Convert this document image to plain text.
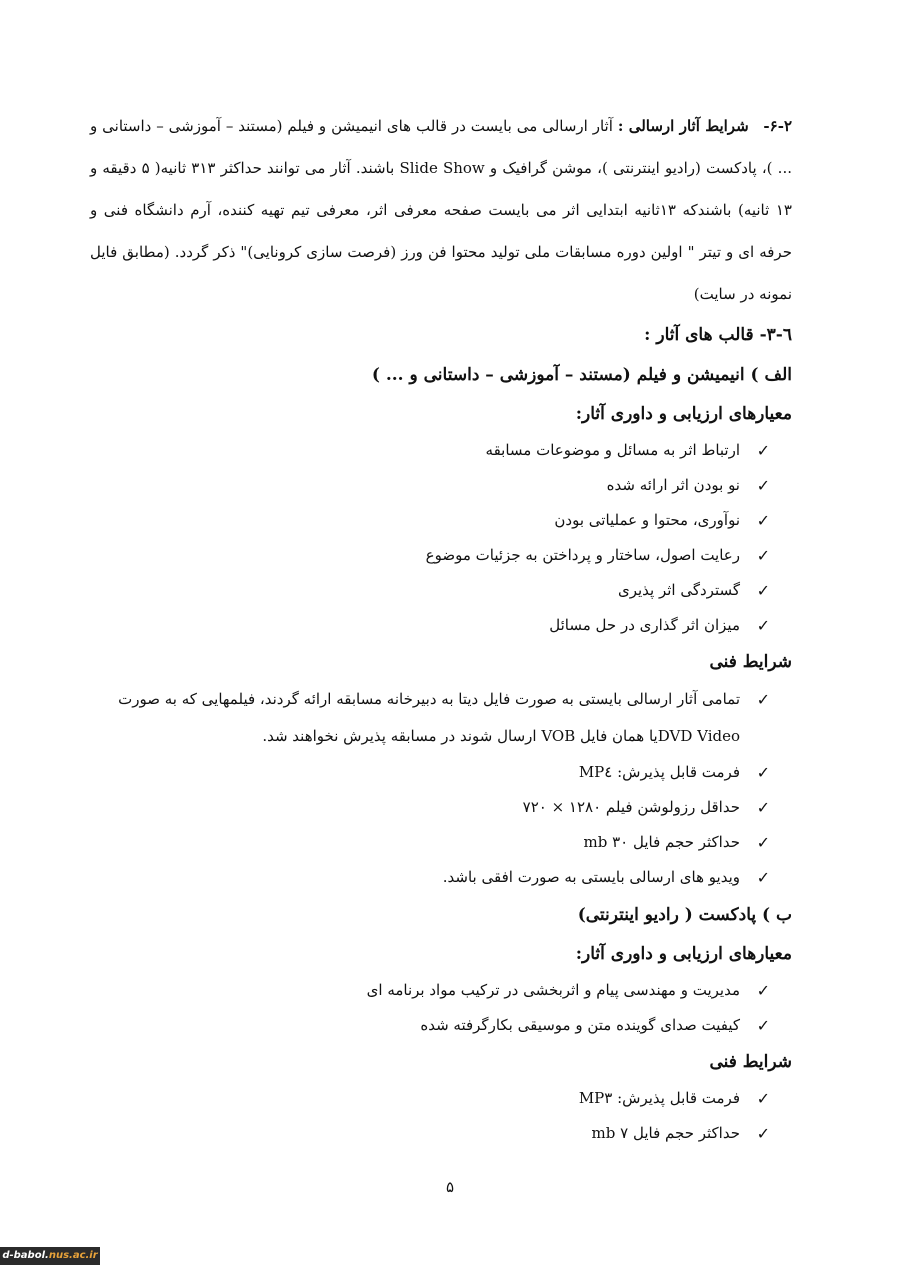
۶-۲-   شرایط آثار ارسالی : آثار ارسالی می بایست در قالب های انیمیشن و فیلم (مستند – آموزشی – داستانی و ... )، پادکست (رادیو اینترنتی )، موشن گرافیک و Slide Show باشند. آثار می توانند حداکثر ۳۱۳ ثانیه( ۵ دقیقه و ۱۳ ثانیه) باشندکه ۱۳ثانیه ابتدایی اثر می بایست صفحه معرفی اثر، معرفی تیم تهیه کننده، آرم دانشگاه فنی و حرفه ای و تیتر " اولین دوره مسابقات ملی تولید محتوا فن ورز (فرصت سازی کرونایی)" ذکر گردد. (مطابق فایل نمونه در سایت)

٦-٣- قالب های آثار :

الف ) انیمیشن و فیلم (مستند – آموزشی – داستانی و ... )

معیارهای ارزیابی و داوری آثار:

✓
ارتباط اثر به مسائل و موضوعات مسابقه
✓
نو بودن اثر ارائه شده
✓
نوآوری، محتوا و عملیاتی بودن
✓
رعایت اصول، ساختار و پرداختن به جزئیات موضوع
✓
گستردگی اثر پذیری
✓
میزان اثر گذاری در حل مسائل

شرایط فنی

✓
تمامی آثار ارسالی بایستی به صورت فایل دیتا به دبیرخانه مسابقه ارائه گردند، فیلمهایی که به صورت
DVD Videoیا همان فایل VOB ارسال شوند در مسابقه پذیرش نخواهند شد.
✓
فرمت قابل پذیرش: MP٤
✓
حداقل رزولوشن فیلم ۱۲۸۰ × ۷۲۰
✓
حداکثر حجم فایل ۳۰ mb
✓
ویدیو های ارسالی بایستی به صورت افقی باشد.

ب ) پادکست ( رادیو اینترنتی)

معیارهای ارزیابی و داوری آثار:

✓
مدیریت و مهندسی پیام و اثربخشی در ترکیب مواد برنامه ای
✓
کیفیت صدای گوینده متن و موسیقی بکارگرفته شده

شرایط فنی

✓
فرمت قابل پذیرش: MP٣
✓
حداکثر حجم فایل ۷ mb
۵
d-babol.nus.ac.ir
